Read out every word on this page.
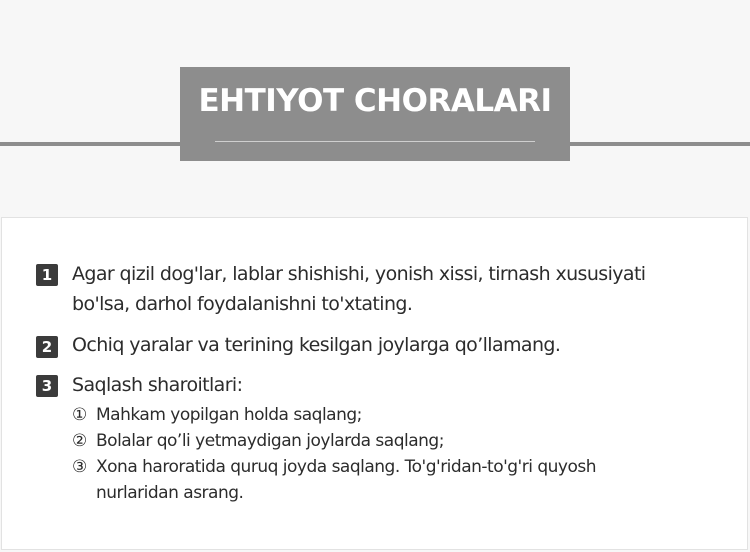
EHTIYOT CHORALARI
1	Agar qizil dog'lar, lablar shishishi, yonish xissi, tirnash xususiyati
bo'lsa, darhol foydalanishni to'xtating.
2	Ochiq yaralar va terining kesilgan joylarga qo’llamang.
3	Saqlash sharoitlari:
① Mahkam yopilgan holda saqlang;
② Bolalar qo’li yetmaydigan joylarda saqlang;
③ Xona haroratida quruq joyda saqlang. To'g'ridan-to'g'ri quyosh
nurlaridan asrang.
